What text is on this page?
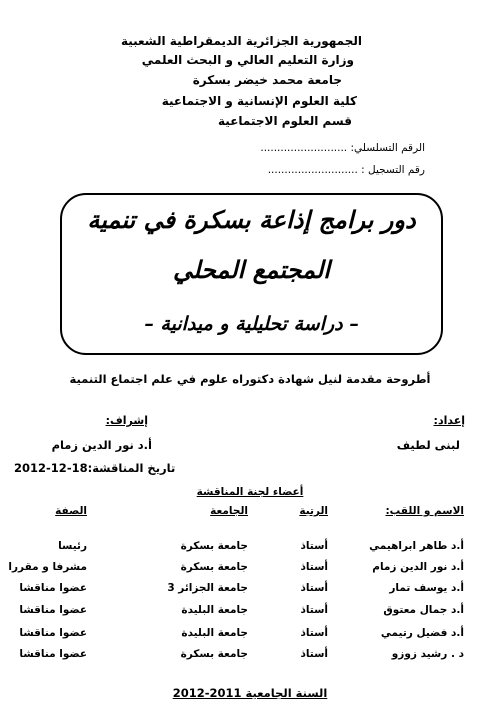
الجمهورية الجزائرية الديمقراطية الشعبية
وزارة التعليم العالي و البحث العلمي
جامعة محمد خيضر بسكرة
كلية العلوم الإنسانية و الاجتماعية
قسم العلوم الاجتماعية
الرقم التسلسلي: ..........................
رقم التسجيل : ...........................
دور برامج إذاعة بسكرة في تنمية
المجتمع المحلي
– دراسة تحليلية و ميدانية –
أطروحة مقدمة لنيل شهادة دكتوراه علوم في علم اجتماع التنمية
إعداد:
لبنى لطيف
إشراف:
أ.د نور الدين زمام
تاريخ المناقشة:18-12-2012
أعضاء لجنة المناقشة
الاسم و اللقب:
الرتبة
الجامعة
الصفة
أ.د طاهر ابراهيمي
أستاذ
جامعة بسكرة
رئيسا
أ.د نور الدين زمام
أستاذ
جامعة بسكرة
مشرفا و مقررا
أ.د يوسف تمار
أستاذ
جامعة الجزائر 3
عضوا مناقشا
أ.د جمال معتوق
أستاذ
جامعة البليدة
عضوا مناقشا
أ.د فضيل رتيمي
أستاذ
جامعة البليدة
عضوا مناقشا
د . رشيد زوزو
أستاذ
جامعة بسكرة
عضوا مناقشا
السنة الجامعية 2011-2012
